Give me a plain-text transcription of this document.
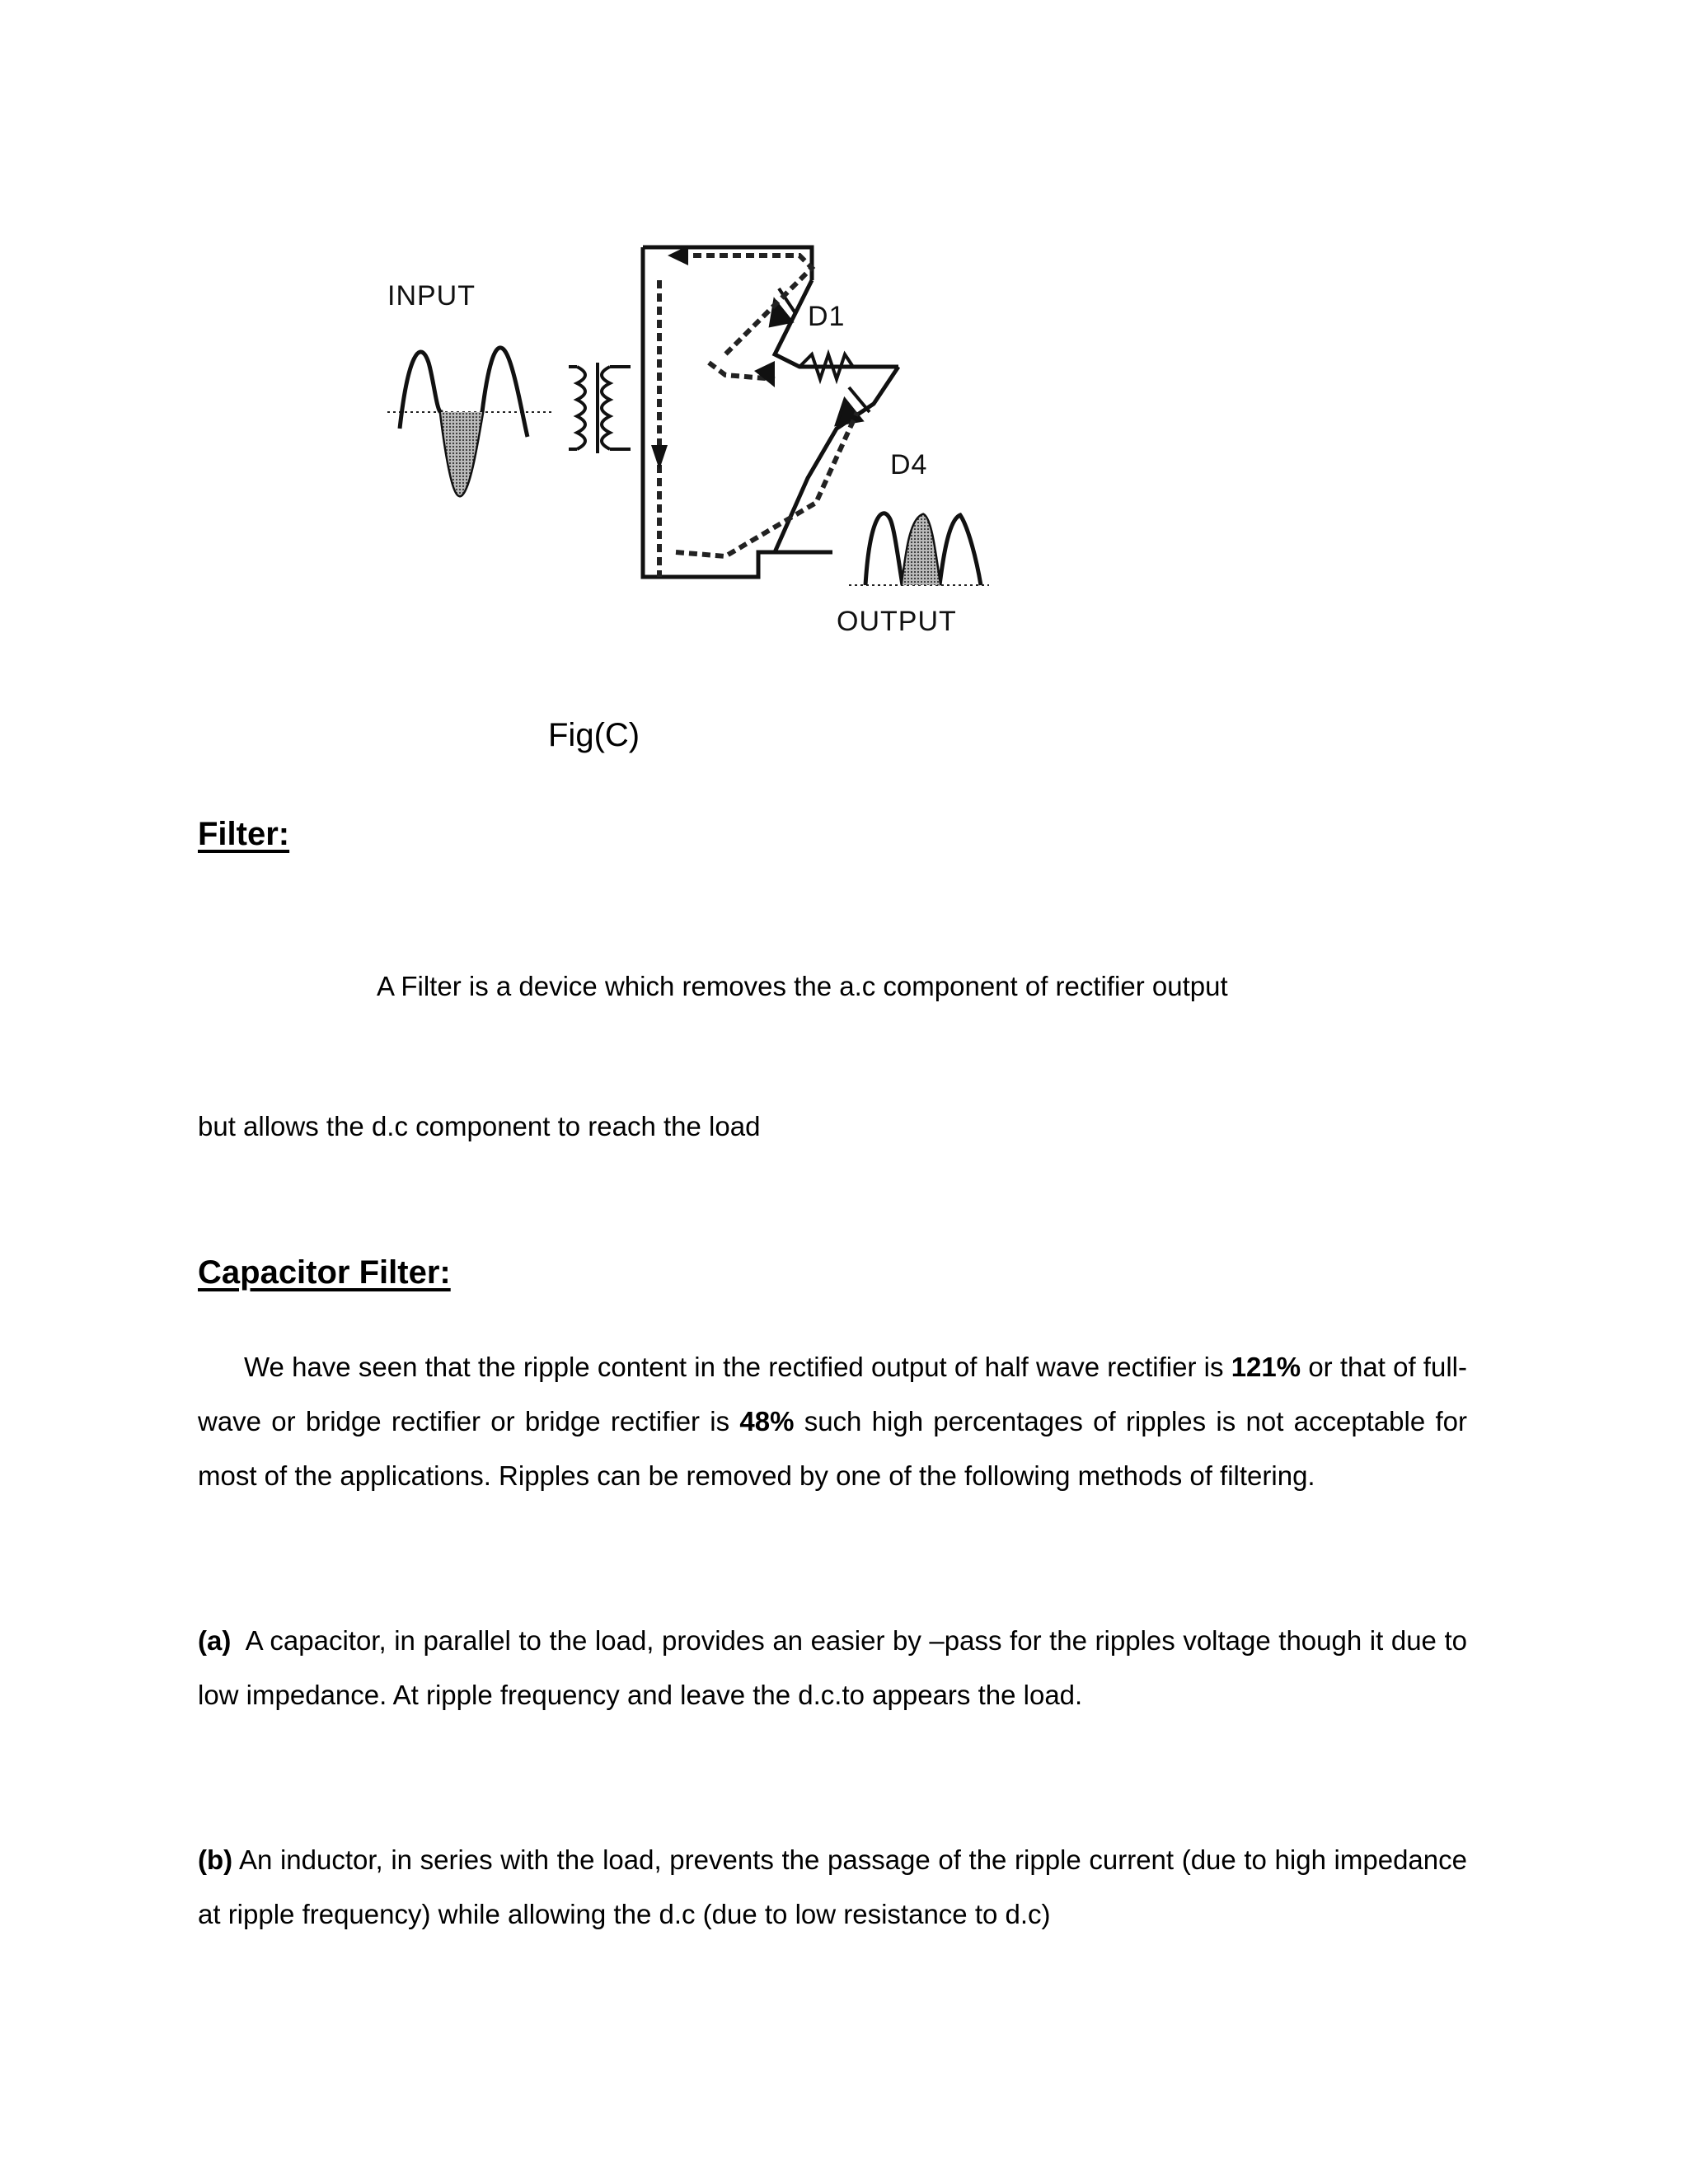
INPUT
D1
D4
OUTPUT
Fig(C)
Filter:
A Filter is a device which removes the a.c component of rectifier output
but allows the d.c component to reach the load
Capacitor Filter:
We have seen that the ripple content in the rectified output of half wave rectifier is 121% or that of full-wave or bridge rectifier or bridge rectifier is 48% such high percentages of ripples is not acceptable for most of the applications. Ripples can be removed by one of the following methods of filtering.
(a) A capacitor, in parallel to the load, provides an easier by –pass for the ripples voltage though it due to low impedance. At ripple frequency and leave the d.c.to appears the load.
(b) An inductor, in series with the load, prevents the passage of the ripple current (due to high impedance at ripple frequency) while allowing the d.c (due to low resistance to d.c)
